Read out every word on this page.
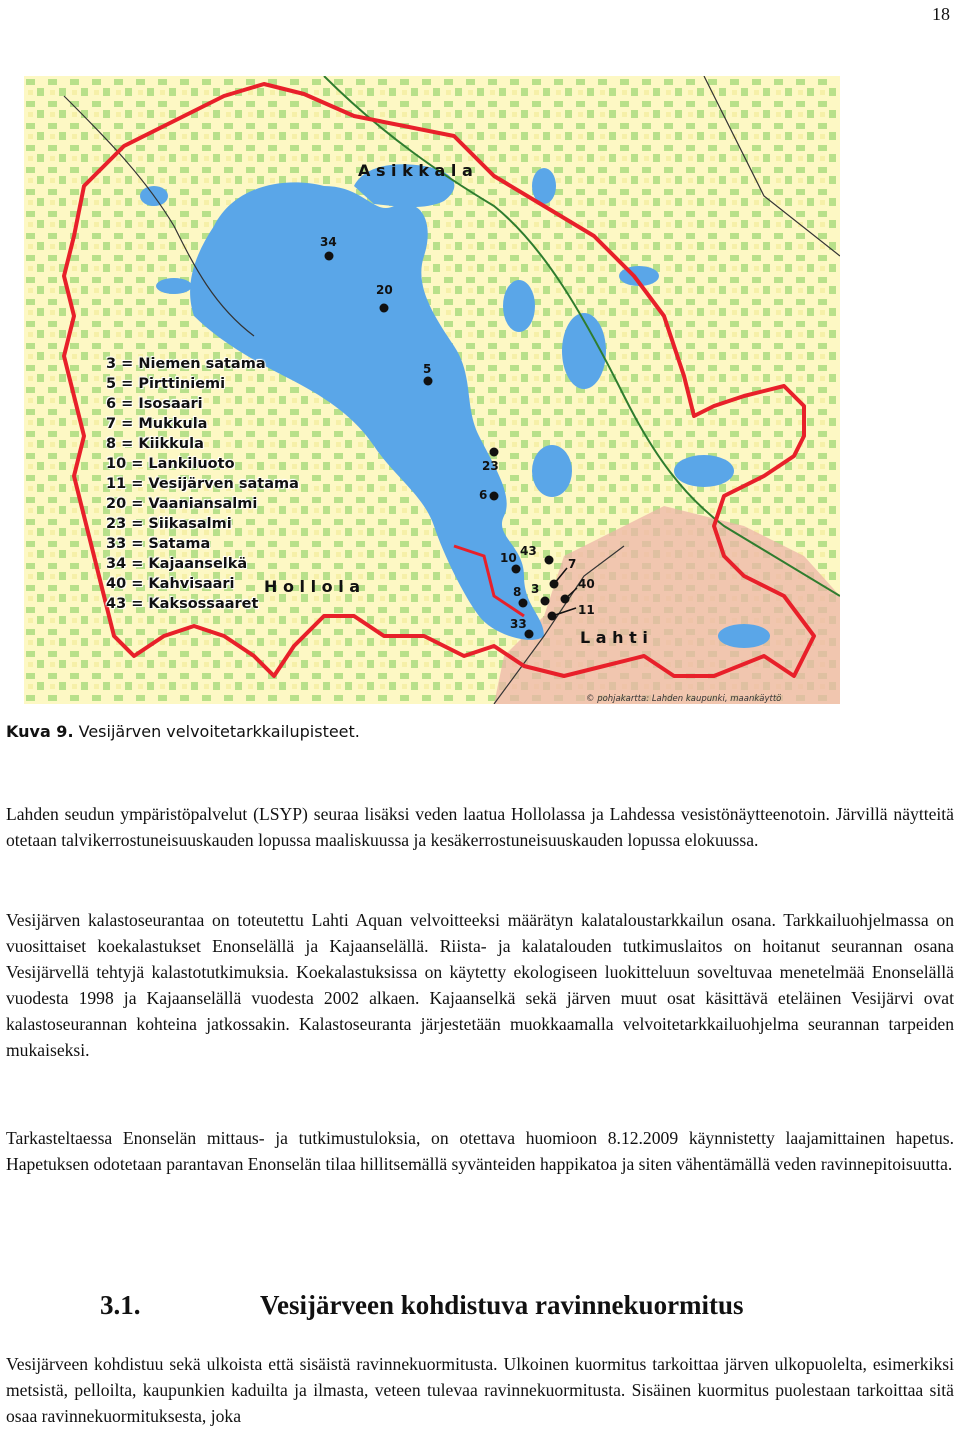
18
A s i k k a l a
H o l l o l a
L a h t i
34
20
5
23
6
10 43
7
8 3	40
11
33
© pohjakartta: Lahden kaupunki, maankäyttö
3 = Niemen satama
5 = Pirttiniemi
6 = Isosaari
7 = Mukkula
8 = Kiikkula
10 = Lankiluoto
11 = Vesijärven satama
20 = Vaaniansalmi
23 = Siikasalmi
33 = Satama
34 = Kajaanselkä
40 = Kahvisaari
43 = Kaksossaaret
Kuva 9. Vesijärven velvoitetarkkailupisteet.
Lahden seudun ympäristöpalvelut (LSYP) seuraa lisäksi veden laatua Hollolassa ja Lahdessa vesistönäytteenotoin. Järvillä näytteitä otetaan talvikerrostuneisuuskauden lopussa maaliskuussa ja kesäkerrostuneisuuskauden lopussa elokuussa.
Vesijärven kalastoseurantaa on toteutettu Lahti Aquan velvoitteeksi määrätyn kalataloustarkkailun osana. Tarkkailuohjelmassa on vuosittaiset koekalastukset Enonselällä ja Kajaanselällä. Riista- ja kalatalouden tutkimuslaitos on hoitanut seurannan osana Vesijärvellä tehtyjä kalastotutkimuksia. Koekalastuksissa on käytetty ekologiseen luokitteluun soveltuvaa menetelmää Enonselällä vuodesta 1998 ja Kajaanselällä vuodesta 2002 alkaen. Kajaanselkä sekä järven muut osat käsittävä eteläinen Vesijärvi ovat kalastoseurannan kohteina jatkossakin. Kalastoseuranta järjestetään muokkaamalla velvoitetarkkailuohjelma seurannan tarpeiden mukaiseksi.
Tarkasteltaessa Enonselän mittaus- ja tutkimustuloksia, on otettava huomioon 8.12.2009 käynnistetty laajamittainen hapetus. Hapetuksen odotetaan parantavan Enonselän tilaa hillitsemällä syvänteiden happikatoa ja siten vähentämällä veden ravinnepitoisuutta.
3.1.	Vesijärveen kohdistuva ravinnekuormitus
Vesijärveen kohdistuu sekä ulkoista että sisäistä ravinnekuormitusta. Ulkoinen kuormitus tarkoittaa järven ulkopuolelta, esimerkiksi metsistä, pelloilta, kaupunkien kaduilta ja ilmasta, veteen tulevaa ravinnekuormitusta. Sisäinen kuormitus puolestaan tarkoittaa sitä osaa ravinnekuormituksesta, joka
